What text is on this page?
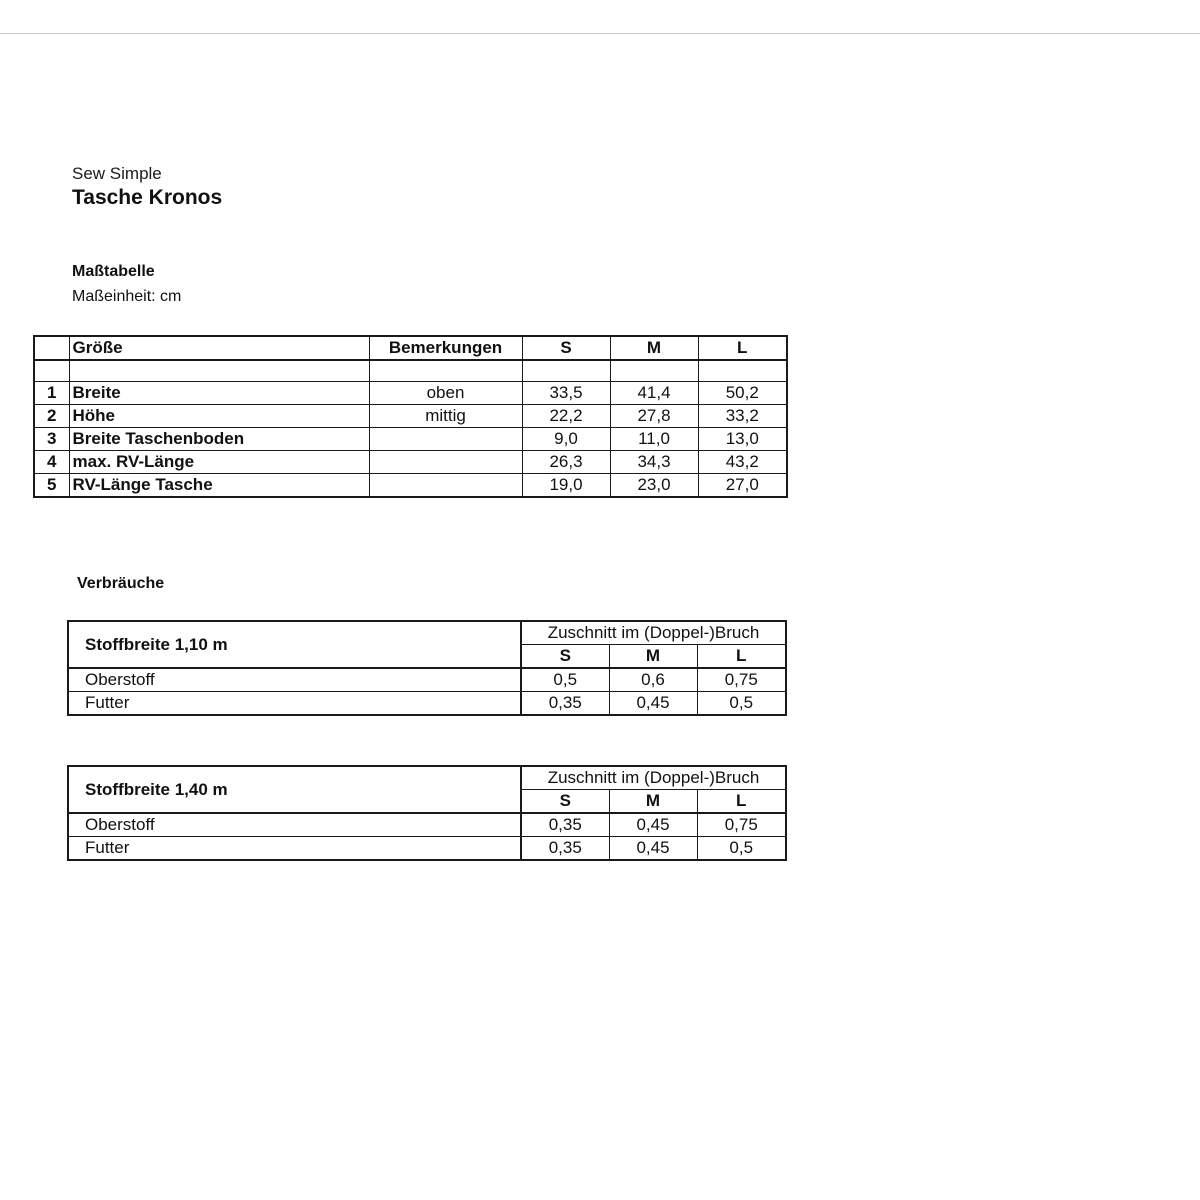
Sew Simple
Tasche Kronos
Maßtabelle
Maßeinheit: cm
	Größe	Bemerkungen	S	M	L

1	Breite	oben	33,5	41,4	50,2
2	Höhe	mittig	22,2	27,8	33,2
3	Breite Taschenboden		9,0	11,0	13,0
4	max. RV-Länge		26,3	34,3	43,2
5	RV-Länge Tasche		19,0	23,0	27,0
Verbräuche
Stoffbreite 1,10 m	Zuschnitt im (Doppel-)Bruch		
	S	M	L
Oberstoff	0,5	0,6	0,75
Futter	0,35	0,45	0,5
Stoffbreite 1,40 m	Zuschnitt im (Doppel-)Bruch		
	S	M	L
Oberstoff	0,35	0,45	0,75
Futter	0,35	0,45	0,5
